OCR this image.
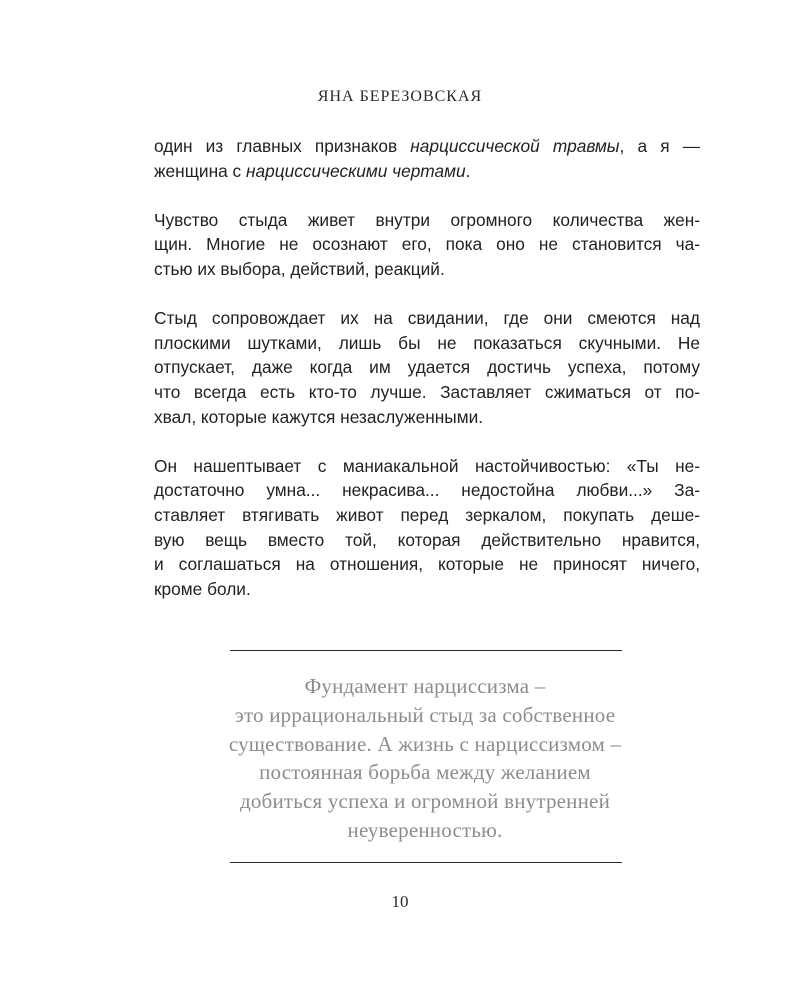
ЯНА БЕРЕЗОВСКАЯ

один из главных признаков нарциссической травмы, а я —
женщина с нарциссическими чертами.

Чувство стыда живет внутри огромного количества жен-
щин. Многие не осознают его, пока оно не становится ча-
стью их выбора, действий, реакций.

Стыд сопровождает их на свидании, где они смеются над
плоскими шутками, лишь бы не показаться скучными. Не
отпускает, даже когда им удается достичь успеха, потому
что всегда есть кто-то лучше. Заставляет сжиматься от по-
хвал, которые кажутся незаслуженными.

Он нашептывает с маниакальной настойчивостью: «Ты не-
достаточно умна... некрасива... недостойна любви...» За-
ставляет втягивать живот перед зеркалом, покупать деше-
вую вещь вместо той, которая действительно нравится,
и соглашаться на отношения, которые не приносят ничего,
кроме боли.

Фундамент нарциссизма –
это иррациональный стыд за собственное
существование. А жизнь с нарциссизмом –
постоянная борьба между желанием
добиться успеха и огромной внутренней
неуверенностью.
10
